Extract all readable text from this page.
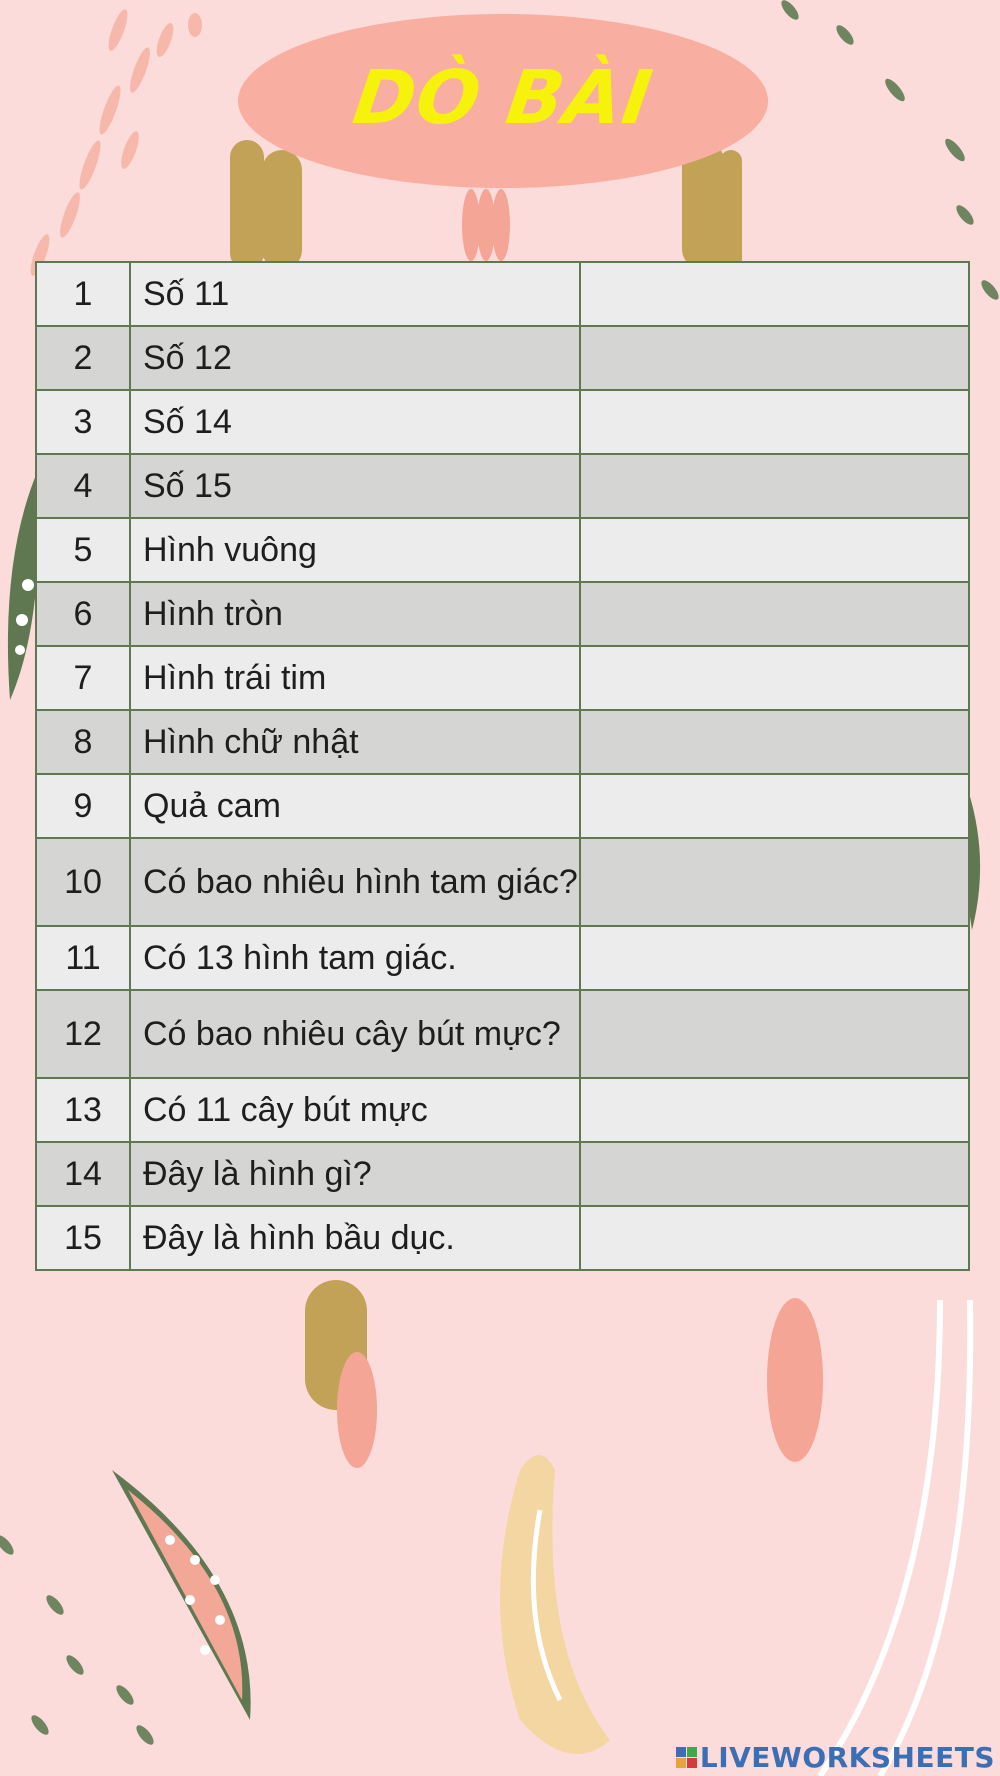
DÒ BÀI
1	Số 11	
2	Số 12	
3	Số 14	
4	Số 15	
5	Hình vuông	
6	Hình tròn	
7	Hình trái tim	
8	Hình chữ nhật	
9	Quả cam	
10	Có bao nhiêu hình tam giác?	
11	Có 13 hình tam giác.	
12	Có bao nhiêu cây bút mực?	
13	Có 11 cây bút mực	
14	Đây là hình gì?	
15	Đây là hình bầu dục.	
LIVEWORKSHEETS
